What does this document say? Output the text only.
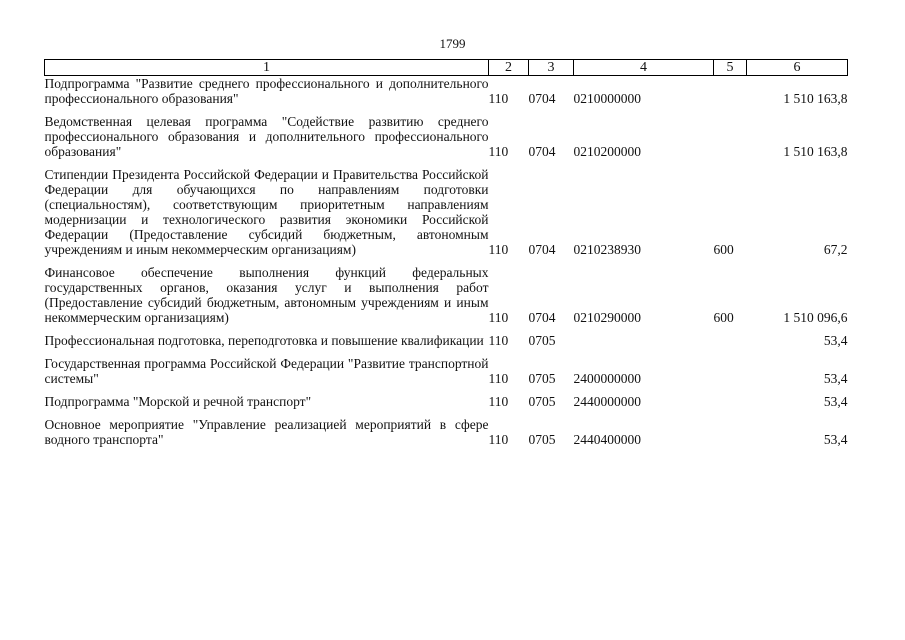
1799
1	2	3	4	5	6
Подпрограмма "Развитие среднего профессионального и дополнительного профессионального образования"	110	0704	0210000000		1 510 163,8

Ведомственная целевая программа "Содействие развитию среднего профессионального образования и дополнительного профессионального образования"	110	0704	0210200000		1 510 163,8

Стипендии Президента Российской Федерации и Правительства Российской Федерации для обучающихся по направлениям подготовки (специальностям), соответствующим приоритетным направлениям модернизации и технологического развития экономики Российской Федерации (Предоставление субсидий бюджетным, автономным учреждениям и иным некоммерческим организациям)	110	0704	0210238930	600	67,2

Финансовое обеспечение выполнения функций федеральных государственных органов, оказания услуг и выполнения работ (Предоставление субсидий бюджетным, автономным учреждениям и иным некоммерческим организациям)	110	0704	0210290000	600	1 510 096,6

Профессиональная подготовка, переподготовка и повышение квалификации	110	0705			53,4

Государственная программа Российской Федерации "Развитие транспортной системы"	110	0705	2400000000		53,4

Подпрограмма "Морской и речной транспорт"	110	0705	2440000000		53,4

Основное мероприятие "Управление реализацией мероприятий в сфере водного транспорта"	110	0705	2440400000		53,4
